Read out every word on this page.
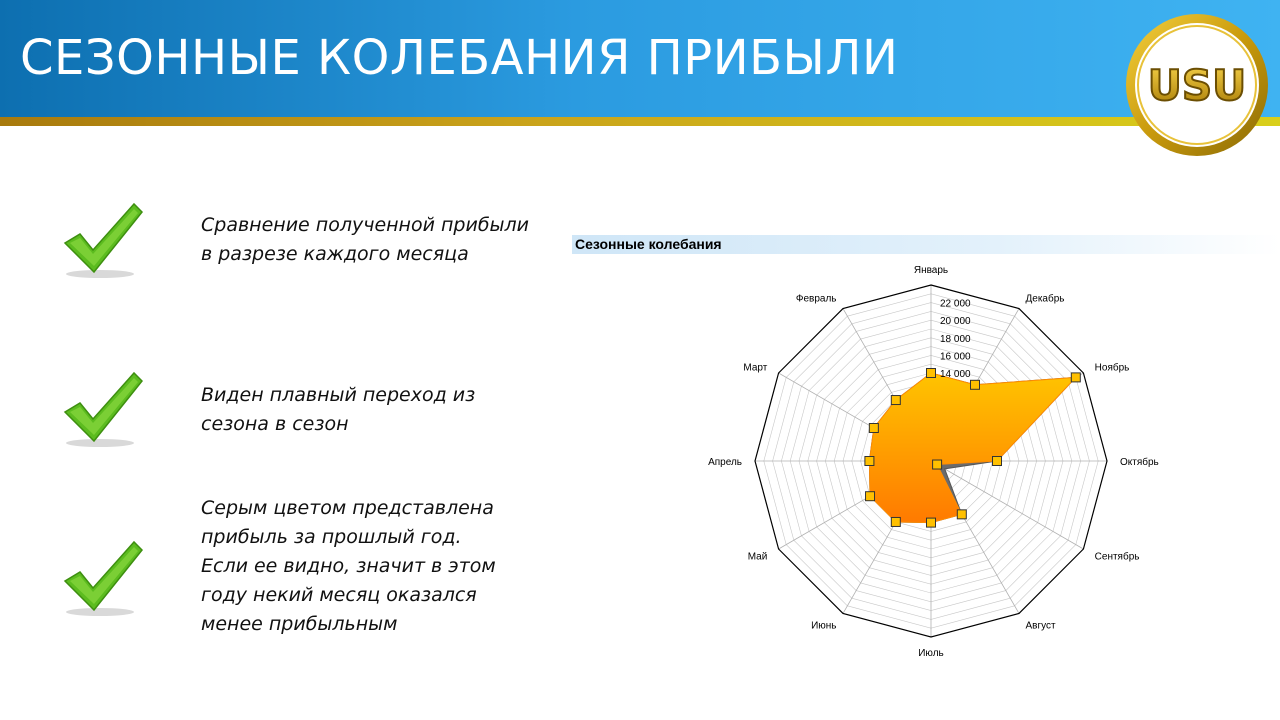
СЕЗОННЫЕ КОЛЕБАНИЯ ПРИБЫЛИ	USU

Сравнение полученной прибыли в разрезе каждого месяца

Виден плавный переход из сезона в сезон

Серым цветом представлена прибыль за прошлый год. Если ее видно, значит в этом году некий месяц оказался менее прибыльным

Сезонные колебания

14 000
16 000
18 000
20 000
22 000
Январь
Декабрь
Ноябрь
Октябрь
Сентябрь
Август
Июль
Июнь
Май
Апрель
Март
Февраль
